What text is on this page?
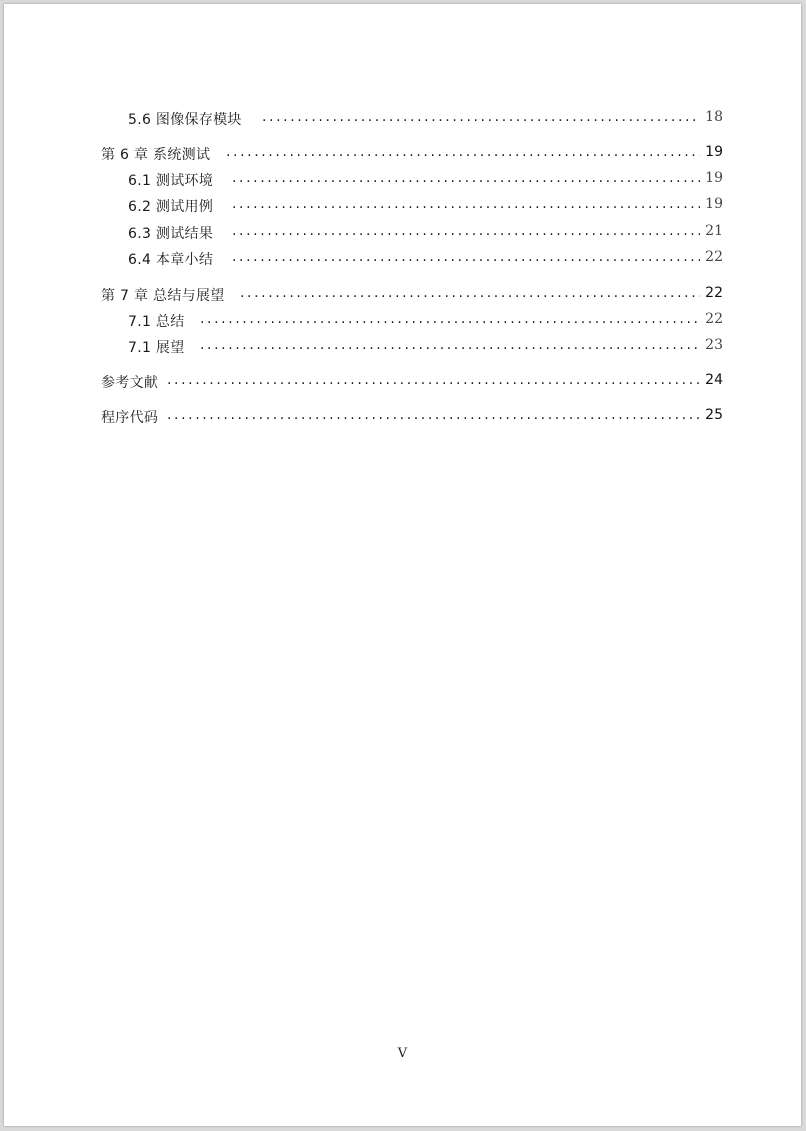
5.6 图像保存模块 .....	18
第 6 章 系统测试 .....	19
6.1 测试环境 .....	19
6.2 测试用例 .....	19
6.3 测试结果 .....	21
6.4 本章小结 .....	22
第 7 章 总结与展望 .....	22
7.1 总结 .....	22
7.1 展望 .....	23
参考文献 .....	24
程序代码 .....	25
V
